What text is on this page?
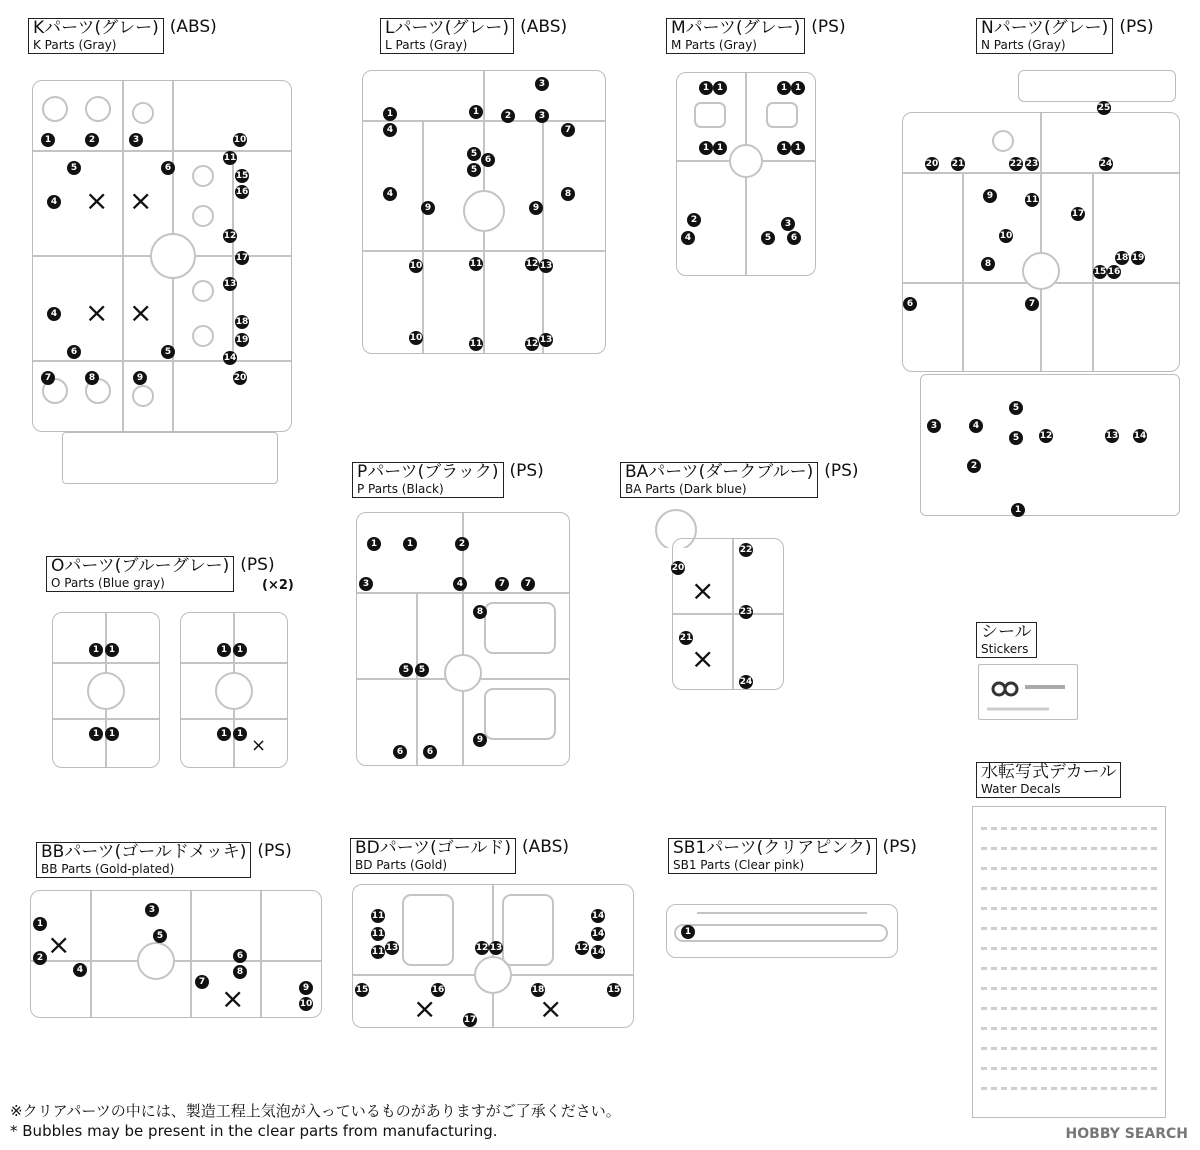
Kパーツ(グレー)
K Parts (Gray)
(ABS)	Lパーツ(グレー)
L Parts (Gray)
(ABS)	Mパーツ(グレー)
M Parts (Gray)
(PS)	Nパーツ(グレー)
N Parts (Gray)
(PS)
Oパーツ(ブルーグレー)
O Parts (Blue gray)
(PS)
(×2)
Pパーツ(ブラック)
P Parts (Black)
(PS)	BAパーツ(ダークブルー)
BA Parts (Dark blue)
(PS)
シール
Stickers
水転写式デカール
Water Decals
BBパーツ(ゴールドメッキ)
BB Parts (Gold-plated)
(PS)	BDパーツ(ゴールド)
BD Parts (Gold)
(ABS)	SB1パーツ(クリアピンク)
SB1 Parts (Clear pink)
(PS)
1	2	3	10
5	6
11
15
16
4
12
17
13
4
18
19
6	5
14
7	8	9	20
× ×
× ×
3
1	1	2	3
4	7
5
6
5
4	8
9	9
10	11	12 13
10
11	12 13
1 1	1 1
1 1	1 1
2	3
4	5	6
20 21	22 23	24
9	11
17
10
8
18 19
15 16
6	7
25
3	4
5
5	12	13 14
2
1
1	1
1	1
1	1
1	1
×
1	1	2
3	4	7	7
8
5	5
9
6	6
20
22
23
21
24
×
×
1
3
5
2
4
6
8
7
9
10
×
×
11	14
11	14
11 13	12 13	12 14
15	16	18	15
17
×	×
1
※クリアパーツの中には、製造工程上気泡が入っているものがありますがご了承ください。
* Bubbles may be present in the clear parts from manufacturing.	HOBBY SEARCH
